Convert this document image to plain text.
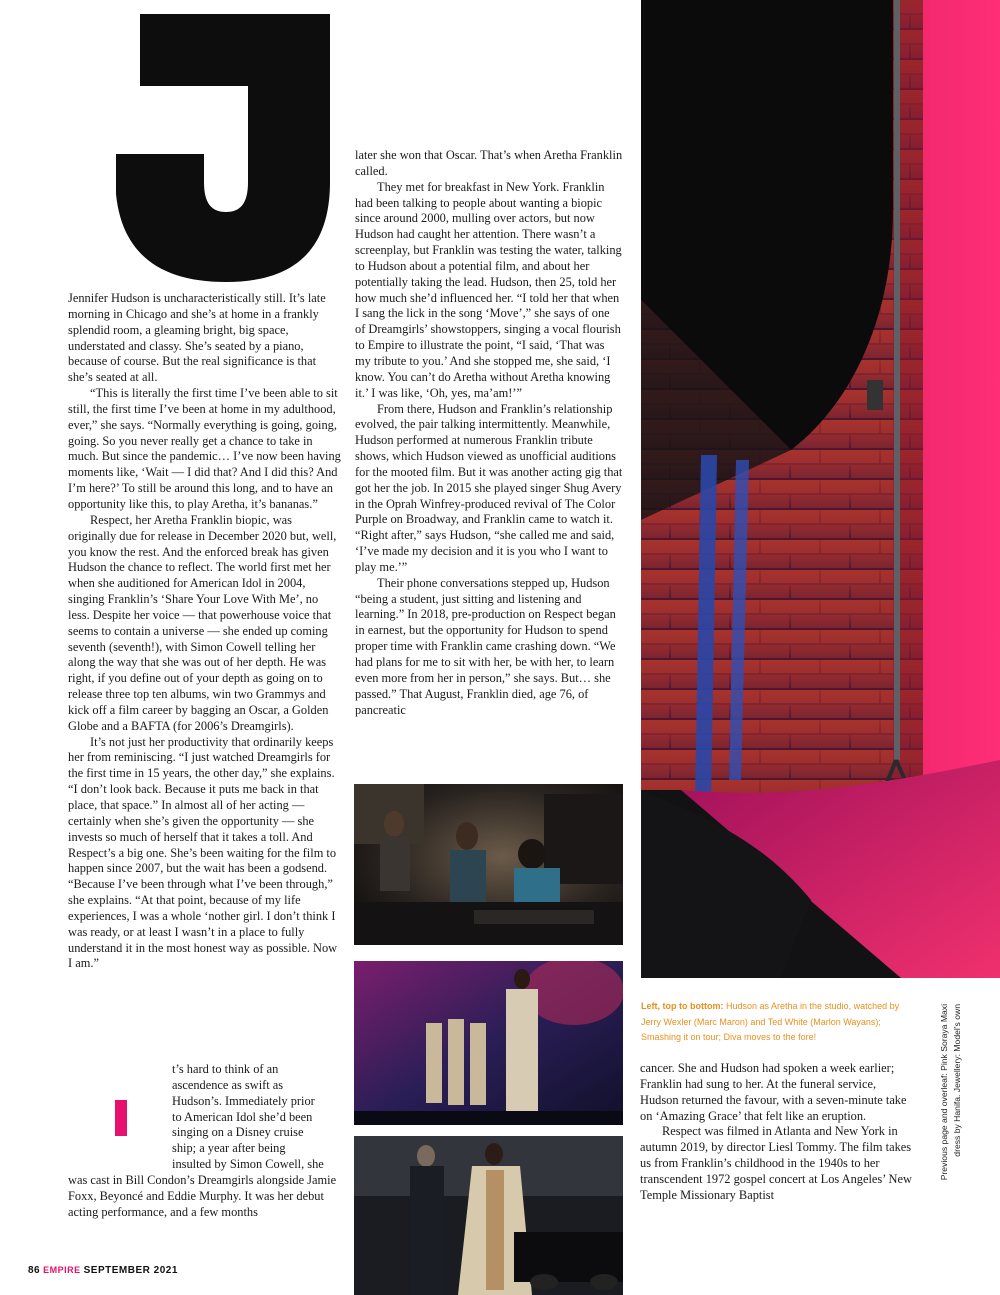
Jennifer Hudson is uncharacteristically still. It’s late morning in Chicago and she’s at home in a frankly splendid room, a gleaming bright, big space, understated and classy. She’s seated by a piano, because of course. But the real significance is that she’s seated at all.

“This is literally the first time I’ve been able to sit still, the first time I’ve been at home in my adulthood, ever,” she says. “Normally everything is going, going, going. So you never really get a chance to take in much. But since the pandemic… I’ve now been having moments like, ‘Wait — I did that? And I did this? And I’m here?’ To still be around this long, and to have an opportunity like this, to play Aretha, it’s bananas.”

Respect, her Aretha Franklin biopic, was originally due for release in December 2020 but, well, you know the rest. And the enforced break has given Hudson the chance to reflect. The world first met her when she auditioned for American Idol in 2004, singing Franklin’s ‘Share Your Love With Me’, no less. Despite her voice — that powerhouse voice that seems to contain a universe — she ended up coming seventh (seventh!), with Simon Cowell telling her along the way that she was out of her depth. He was right, if you define out of your depth as going on to release three top ten albums, win two Grammys and kick off a film career by bagging an Oscar, a Golden Globe and a BAFTA (for 2006’s Dreamgirls).

It’s not just her productivity that ordinarily keeps her from reminiscing. “I just watched Dreamgirls for the first time in 15 years, the other day,” she explains. “I don’t look back. Because it puts me back in that place, that space.” In almost all of her acting — certainly when she’s given the opportunity — she invests so much of herself that it takes a toll. And Respect’s a big one. She’s been waiting for the film to happen since 2007, but the wait has been a godsend. “Because I’ve been through what I’ve been through,” she explains. “At that point, because of my life experiences, I was a whole ‘nother girl. I don’t think I was ready, or at least I wasn’t in a place to fully understand it in the most honest way as possible. Now I am.”

t’s hard to think of an

ascendence as swift as

Hudson’s. Immediately prior

to American Idol she’d been

singing on a Disney cruise

ship; a year after being

insulted by Simon Cowell, she

was cast in Bill Condon’s Dreamgirls alongside Jamie Foxx, Beyoncé and Eddie Murphy. It was her debut acting performance, and a few months

later she won that Oscar. That’s when Aretha Franklin called.

They met for breakfast in New York. Franklin had been talking to people about wanting a biopic since around 2000, mulling over actors, but now Hudson had caught her attention. There wasn’t a screenplay, but Franklin was testing the water, talking to Hudson about a potential film, and about her potentially taking the lead. Hudson, then 25, told her how much she’d influenced her. “I told her that when I sang the lick in the song ‘Move’,” she says of one of Dreamgirls’ showstoppers, singing a vocal flourish to Empire to illustrate the point, “I said, ‘That was my tribute to you.’ And she stopped me, she said, ‘I know. You can’t do Aretha without Aretha knowing it.’ I was like, ‘Oh, yes, ma’am!’”

From there, Hudson and Franklin’s relationship evolved, the pair talking intermittently. Meanwhile, Hudson performed at numerous Franklin tribute shows, which Hudson viewed as unofficial auditions for the mooted film. But it was another acting gig that got her the job. In 2015 she played singer Shug Avery in the Oprah Winfrey-produced revival of The Color Purple on Broadway, and Franklin came to watch it. “Right after,” says Hudson, “she called me and said, ‘I’ve made my decision and it is you who I want to play me.’”

Their phone conversations stepped up, Hudson “being a student, just sitting and listening and learning.” In 2018, pre-production on Respect began in earnest, but the opportunity for Hudson to spend proper time with Franklin came crashing down. “We had plans for me to sit with her, be with her, to learn even more from her in person,” she says. But… she passed.” That August, Franklin died, age 76, of pancreatic

Left, top to bottom: Hudson as Aretha in the studio, watched by Jerry Wexler (Marc Maron) and Ted White (Marlon Wayans); Smashing it on tour; Diva moves to the fore!

cancer. She and Hudson had spoken a week earlier; Franklin had sung to her. At the funeral service, Hudson returned the favour, with a seven-minute take on ‘Amazing Grace’ that felt like an eruption.

Respect was filmed in Atlanta and New York in autumn 2019, by director Liesl Tommy. The film takes us from Franklin’s childhood in the 1940s to her transcendent 1972 gospel concert at Los Angeles’ New Temple Missionary Baptist

Previous page and overleaf: Pink Soraya Maxi dress by Hanifa. Jewellery: Model’s own
86 EMPIRE SEPTEMBER 2021
